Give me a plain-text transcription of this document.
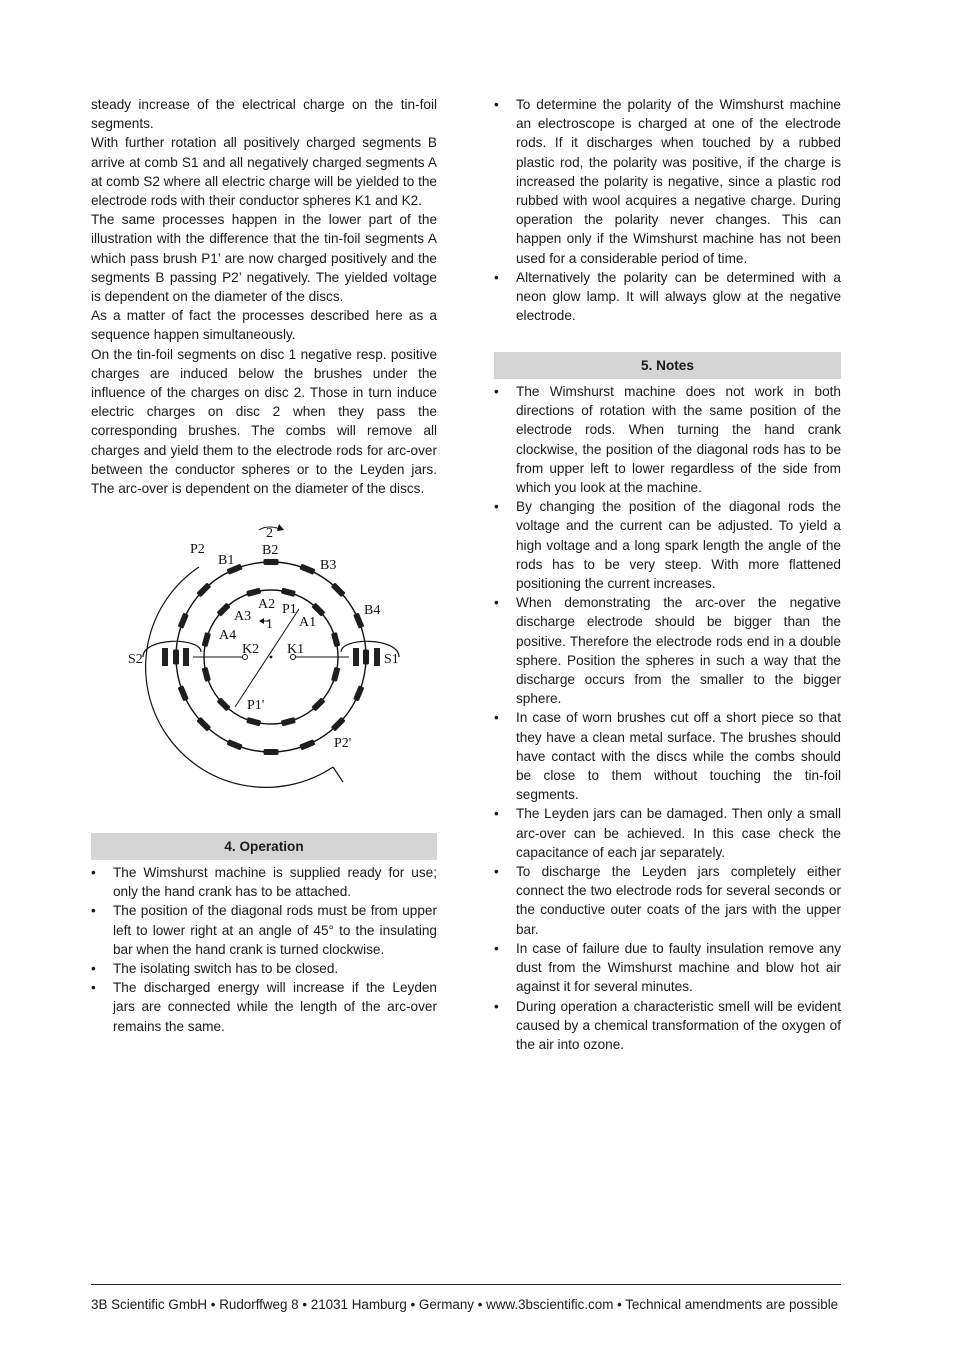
steady increase of the electrical charge on the tin-foil segments.

With further rotation all positively charged segments B arrive at comb S1 and all negatively charged segments A at comb S2 where all electric charge will be yielded to the electrode rods with their conductor spheres K1 and K2.

The same processes happen in the lower part of the illustration with the difference that the tin-foil segments A which pass brush P1’ are now charged positively and the segments B passing P2’ negatively. The yielded voltage is dependent on the diameter of the discs.

As a matter of fact the processes described here as a sequence happen simultaneously.

On the tin-foil segments on disc 1 negative resp. positive charges are induced below the brushes under the influence of the charges on disc 2. Those in turn induce electric charges on disc 2 when they pass the corresponding brushes. The combs will remove all charges and yield them to the electrode rods for arc-over between the conductor spheres or to the Leyden jars. The arc-over is dependent on the diameter of the discs.

2
P2
B1
B2
B3
B4
A2 P1
A3
1 A1
A4
K2 K1
S2	S1
P1'
P2'
4. Operation
•	The Wimshurst machine is supplied ready for use; only the hand crank has to be attached.
•	The position of the diagonal rods must be from upper left to lower right at an angle of 45° to the insulating bar when the hand crank is turned clockwise.
•	The isolating switch has to be closed.
•	The discharged energy will increase if the Leyden jars are connected while the length of the arc-over remains the same.
•	To determine the polarity of the Wimshurst machine an electroscope is charged at one of the electrode rods. If it discharges when touched by a rubbed plastic rod, the polarity was positive, if the charge is increased the polarity is negative, since a plastic rod rubbed with wool acquires a negative charge. During operation the polarity never changes. This can happen only if the Wimshurst machine has not been used for a considerable period of time.
•	Alternatively the polarity can be determined with a neon glow lamp. It will always glow at the negative electrode.
5. Notes
•	The Wimshurst machine does not work in both directions of rotation with the same position of the electrode rods. When turning the hand crank clockwise, the position of the diagonal rods has to be from upper left to lower regardless of the side from which you look at the machine.
•	By changing the position of the diagonal rods the voltage and the current can be adjusted. To yield a high voltage and a long spark length the angle of the rods has to be very steep. With more flattened positioning the current increases.
•	When demonstrating the arc-over the negative discharge electrode should be bigger than the positive. Therefore the electrode rods end in a double sphere. Position the spheres in such a way that the discharge occurs from the smaller to the bigger sphere.
•	In case of worn brushes cut off a short piece so that they have a clean metal surface. The brushes should have contact with the discs while the combs should be close to them without touching the tin-foil segments.
•	The Leyden jars can be damaged. Then only a small arc-over can be achieved. In this case check the capacitance of each jar separately.
•	To discharge the Leyden jars completely either connect the two electrode rods for several seconds or the conductive outer coats of the jars with the upper bar.
•	In case of failure due to faulty insulation remove any dust from the Wimshurst machine and blow hot air against it for several minutes.
•	During operation a characteristic smell will be evident caused by a chemical transformation of the oxygen of the air into ozone.
3B Scientific GmbH • Rudorffweg 8 • 21031 Hamburg • Germany • www.3bscientific.com • Technical amendments are possible
